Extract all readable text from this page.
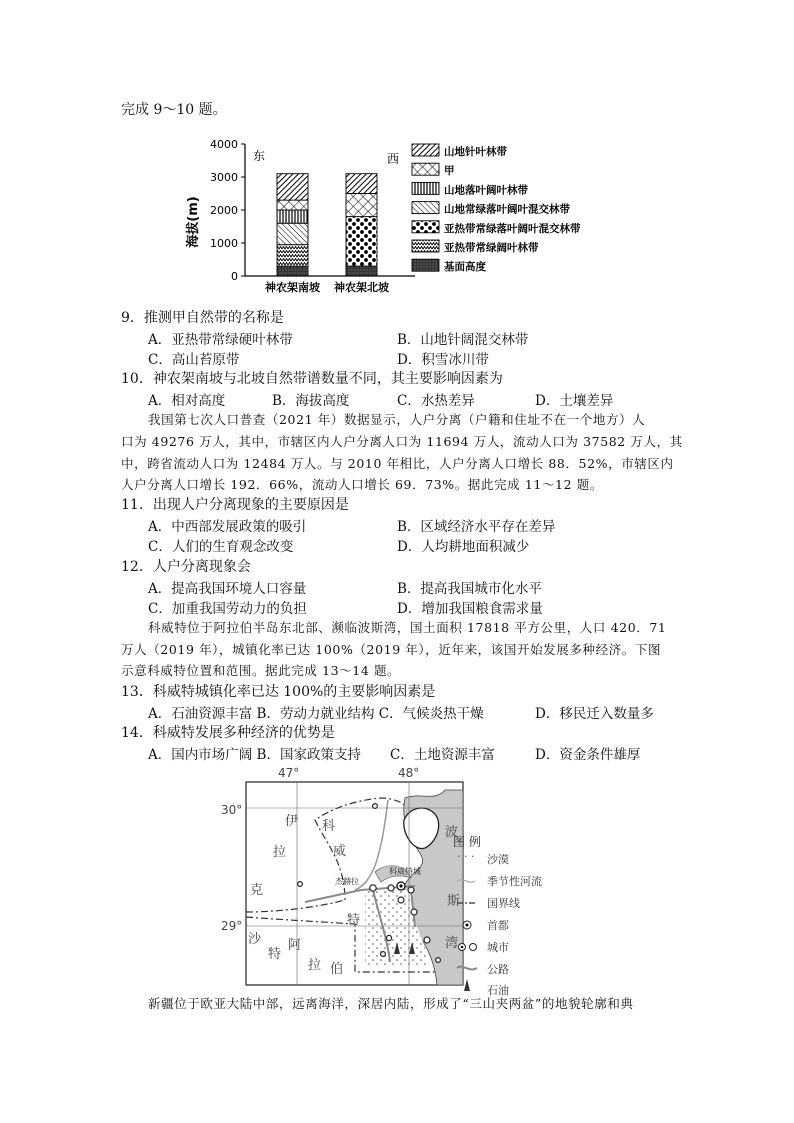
完成 9～10 题。
4000
3000
2000
1000
0
神农架南坡 神农架北坡
山地针叶林带
甲
山地落叶阔叶林带
山地常绿落叶阔叶混交林带
亚热带常绿落叶阔叶混交林带
亚热带常绿阔叶林带
基面高度
海拔(m)
东	西
9．推测甲自然带的名称是
A．亚热带常绿硬叶林带	B．山地针阔混交林带
C．高山苔原带	D．积雪冰川带
10．神农架南坡与北坡自然带谱数量不同，其主要影响因素为
A．相对高度	B．海拔高度	C．水热差异	D．土壤差异
我国第七次人口普查（2021 年）数据显示，人户分离（户籍和住址不在一个地方）人
口为 49276 万人，其中，市辖区内人户分离人口为 11694 万人，流动人口为 37582 万人，其
中，跨省流动人口为 12484 万人。与 2010 年相比，人户分离人口增长 88．52%，市辖区内
人户分离人口增长 192．66%，流动人口增长 69．73%。据此完成 11～12 题。
11．出现人户分离现象的主要原因是
A．中西部发展政策的吸引	B．区域经济水平存在差异
C．人们的生育观念改变	D．人均耕地面积减少
12．人户分离现象会
A．提高我国环境人口容量	B．提高我国城市化水平
C．加重我国劳动力的负担	D．增加我国粮食需求量
科威特位于阿拉伯半岛东北部、濒临波斯湾，国土面积 17818 平方公里，人口 420．71
万人（2019 年），城镇化率已达 100%（2019 年），近年来，该国开始发展多种经济。下图
示意科威特位置和范围。据此完成 13～14 题。
13．科威特城镇化率已达 100%的主要影响因素是
A．石油资源丰富 B．劳动力就业结构 C．气候炎热干燥	D．移民迁入数量多
14．科威特发展多种经济的优势是
A．国内市场广阔 B．国家政策支持 C．土地资源丰富	D．资金条件雄厚
47°	48°
30°
29°
伊
拉
克
科
威
特
沙
特
阿
拉 伯
波
斯
湾
杰赫拉
科威特城
图 例
· · · 沙漠
季节性河流
国界线
首都
城市
公路
石油
新疆位于欧亚大陆中部，远离海洋，深居内陆，形成了“三山夹两盆”的地貌轮廓和典
